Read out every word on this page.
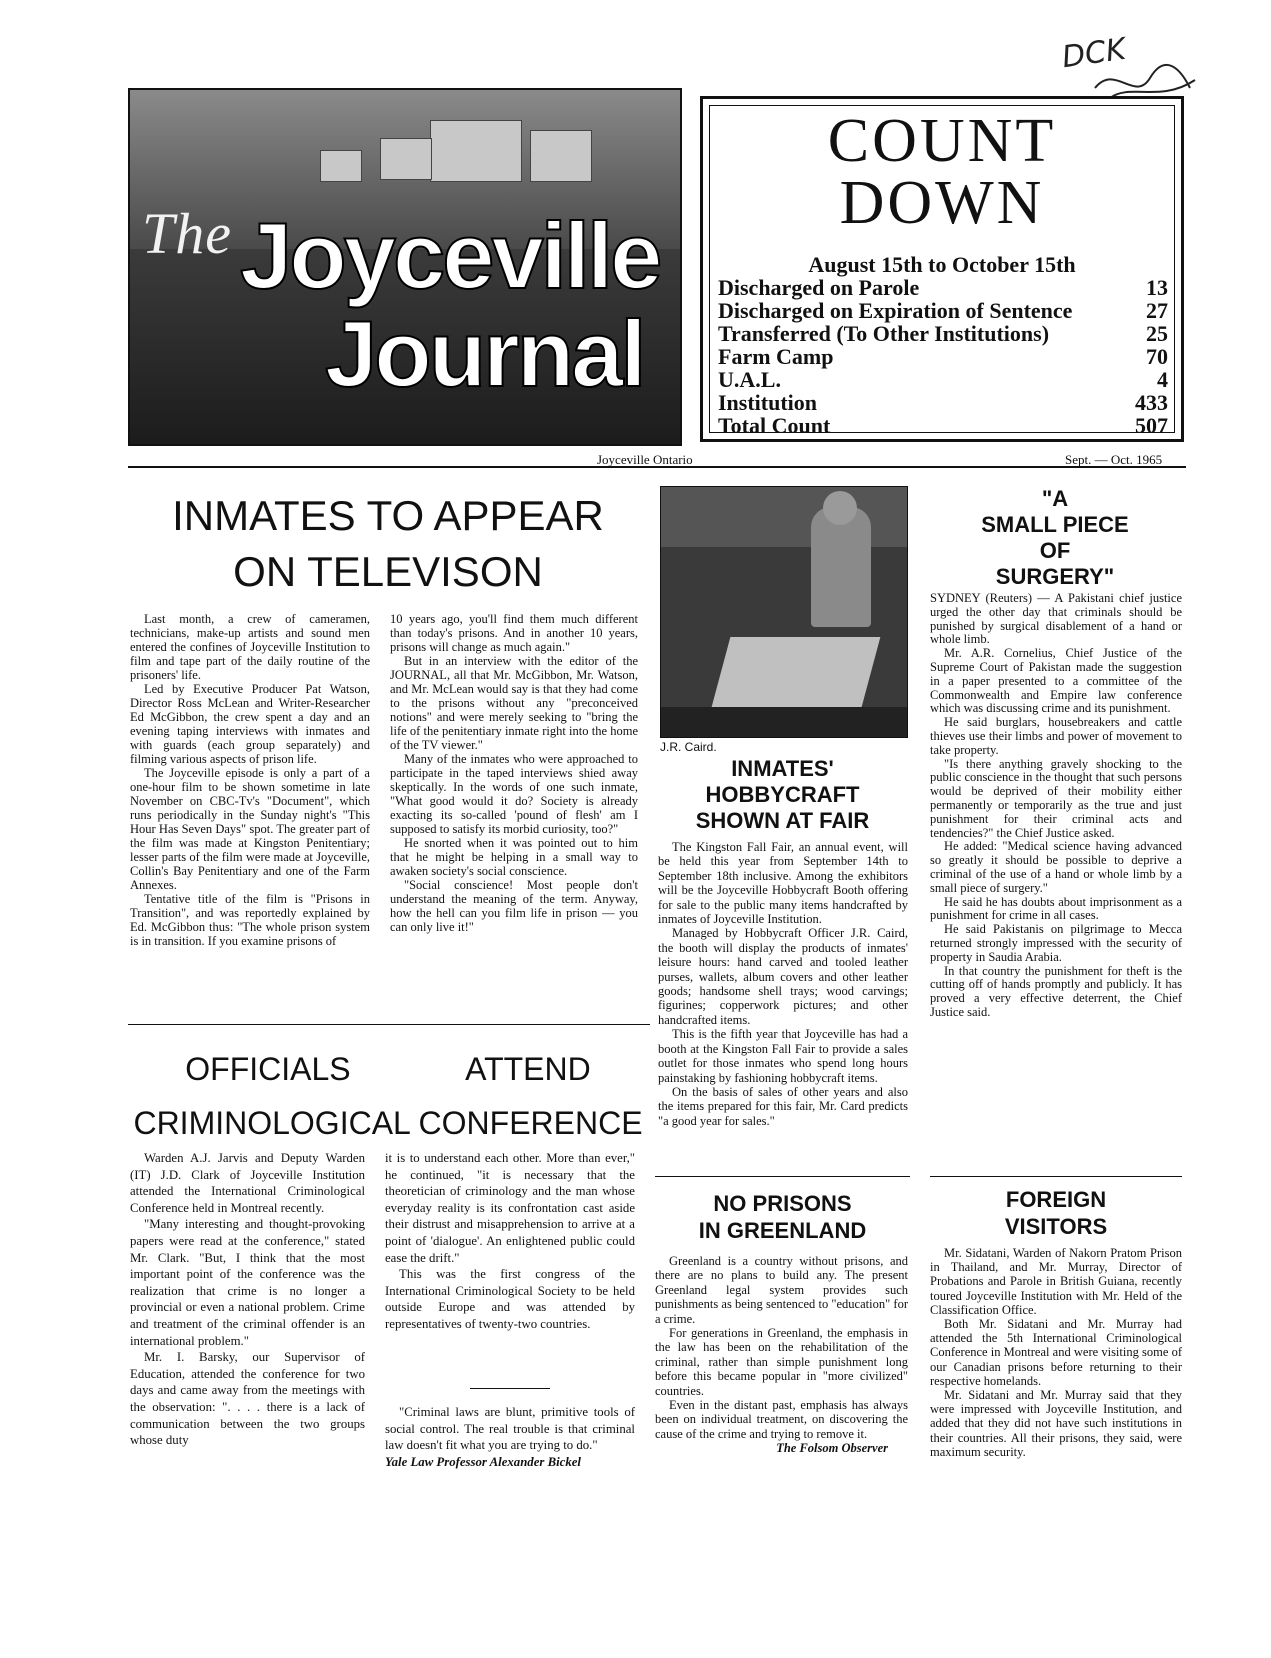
DCK
The Joyceville
Journal
COUNT
DOWN
August 15th to October 15th
Discharged on Parole	13
Discharged on Expiration of Sentence	27
Transferred (To Other Institutions)	25
Farm Camp	70
U.A.L.	4
Institution	433
Total Count	507
Joyceville Ontario	Sept. — Oct. 1965
INMATES TO APPEAR
ON TELEVISON

Last month, a crew of cameramen, technicians, make-up artists and sound men entered the confines of Joyceville Institution to film and tape part of the daily routine of the prisoners' life.

Led by Executive Producer Pat Watson, Director Ross McLean and Writer-Researcher Ed McGibbon, the crew spent a day and an evening taping interviews with inmates and with guards (each group separately) and filming various aspects of prison life.

The Joyceville episode is only a part of a one-hour film to be shown sometime in late November on CBC-Tv's "Document", which runs periodically in the Sunday night's "This Hour Has Seven Days" spot. The greater part of the film was made at Kingston Penitentiary; lesser parts of the film were made at Joyceville, Collin's Bay Penitentiary and one of the Farm Annexes.

Tentative title of the film is "Prisons in Transition", and was reportedly explained by Ed. McGibbon thus: "The whole prison system is in transition. If you examine prisons of

10 years ago, you'll find them much different than today's prisons. And in another 10 years, prisons will change as much again."

But in an interview with the editor of the JOURNAL, all that Mr. McGibbon, Mr. Watson, and Mr. McLean would say is that they had come to the prisons without any "preconceived notions" and were merely seeking to "bring the life of the penitentiary inmate right into the home of the TV viewer."

Many of the inmates who were approached to participate in the taped interviews shied away skeptically. In the words of one such inmate, "What good would it do? Society is already exacting its so-called 'pound of flesh' am I supposed to satisfy its morbid curiosity, too?"

He snorted when it was pointed out to him that he might be helping in a small way to awaken society's social conscience.

"Social conscience! Most people don't understand the meaning of the term. Anyway, how the hell can you film life in prison — you can only live it!"

OFFICIALS	ATTEND
CRIMINOLOGICAL CONFERENCE

Warden A.J. Jarvis and Deputy Warden (IT) J.D. Clark of Joyceville Institution attended the International Criminological Conference held in Montreal recently.

"Many interesting and thought-provoking papers were read at the conference," stated Mr. Clark. "But, I think that the most important point of the conference was the realization that crime is no longer a provincial or even a national problem. Crime and treatment of the criminal offender is an international problem."

Mr. I. Barsky, our Supervisor of Education, attended the conference for two days and came away from the meetings with the observation: ". . . . there is a lack of communication between the two groups whose duty

it is to understand each other. More than ever," he continued, "it is necessary that the theoretician of criminology and the man whose everyday reality is its confrontation cast aside their distrust and misapprehension to arrive at a point of 'dialogue'. An enlightened public could ease the drift."

This was the first congress of the International Criminological Society to be held outside Europe and was attended by representatives of twenty-two countries.

"Criminal laws are blunt, primitive tools of social control. The real trouble is that criminal law doesn't fit what you are trying to do."

Yale Law Professor Alexander Bickel
J.R. Caird.
INMATES'
HOBBYCRAFT
SHOWN AT FAIR

The Kingston Fall Fair, an annual event, will be held this year from September 14th to September 18th inclusive. Among the exhibitors will be the Joyceville Hobbycraft Booth offering for sale to the public many items handcrafted by inmates of Joyceville Institution.

Managed by Hobbycraft Officer J.R. Caird, the booth will display the products of inmates' leisure hours: hand carved and tooled leather purses, wallets, album covers and other leather goods; handsome shell trays; wood carvings; figurines; copperwork pictures; and other handcrafted items.

This is the fifth year that Joyceville has had a booth at the Kingston Fall Fair to provide a sales outlet for those inmates who spend long hours painstaking by fashioning hobbycraft items.

On the basis of sales of other years and also the items prepared for this fair, Mr. Card predicts "a good year for sales."

NO PRISONS
IN GREENLAND

Greenland is a country without prisons, and there are no plans to build any. The present Greenland legal system provides such punishments as being sentenced to "education" for a crime.

For generations in Greenland, the emphasis in the law has been on the rehabilitation of the criminal, rather than simple punishment long before this became popular in "more civilized" countries.

Even in the distant past, emphasis has always been on individual treatment, on discovering the cause of the crime and trying to remove it.

The Folsom Observer
"A
SMALL PIECE
OF
SURGERY"

SYDNEY (Reuters) — A Pakistani chief justice urged the other day that criminals should be punished by surgical disablement of a hand or whole limb.

Mr. A.R. Cornelius, Chief Justice of the Supreme Court of Pakistan made the suggestion in a paper presented to a committee of the Commonwealth and Empire law conference which was discussing crime and its punishment.

He said burglars, housebreakers and cattle thieves use their limbs and power of movement to take property.

"Is there anything gravely shocking to the public conscience in the thought that such persons would be deprived of their mobility either permanently or temporarily as the true and just punishment for their criminal acts and tendencies?" the Chief Justice asked.

He added: "Medical science having advanced so greatly it should be possible to deprive a criminal of the use of a hand or whole limb by a small piece of surgery."

He said he has doubts about imprisonment as a punishment for crime in all cases.

He said Pakistanis on pilgrimage to Mecca returned strongly impressed with the security of property in Saudia Arabia.

In that country the punishment for theft is the cutting off of hands promptly and publicly. It has proved a very effective deterrent, the Chief Justice said.

FOREIGN
VISITORS

Mr. Sidatani, Warden of Nakorn Pratom Prison in Thailand, and Mr. Murray, Director of Probations and Parole in British Guiana, recently toured Joyceville Institution with Mr. Held of the Classification Office.

Both Mr. Sidatani and Mr. Murray had attended the 5th International Criminological Conference in Montreal and were visiting some of our Canadian prisons before returning to their respective homelands.

Mr. Sidatani and Mr. Murray said that they were impressed with Joyceville Institution, and added that they did not have such institutions in their countries. All their prisons, they said, were maximum security.
